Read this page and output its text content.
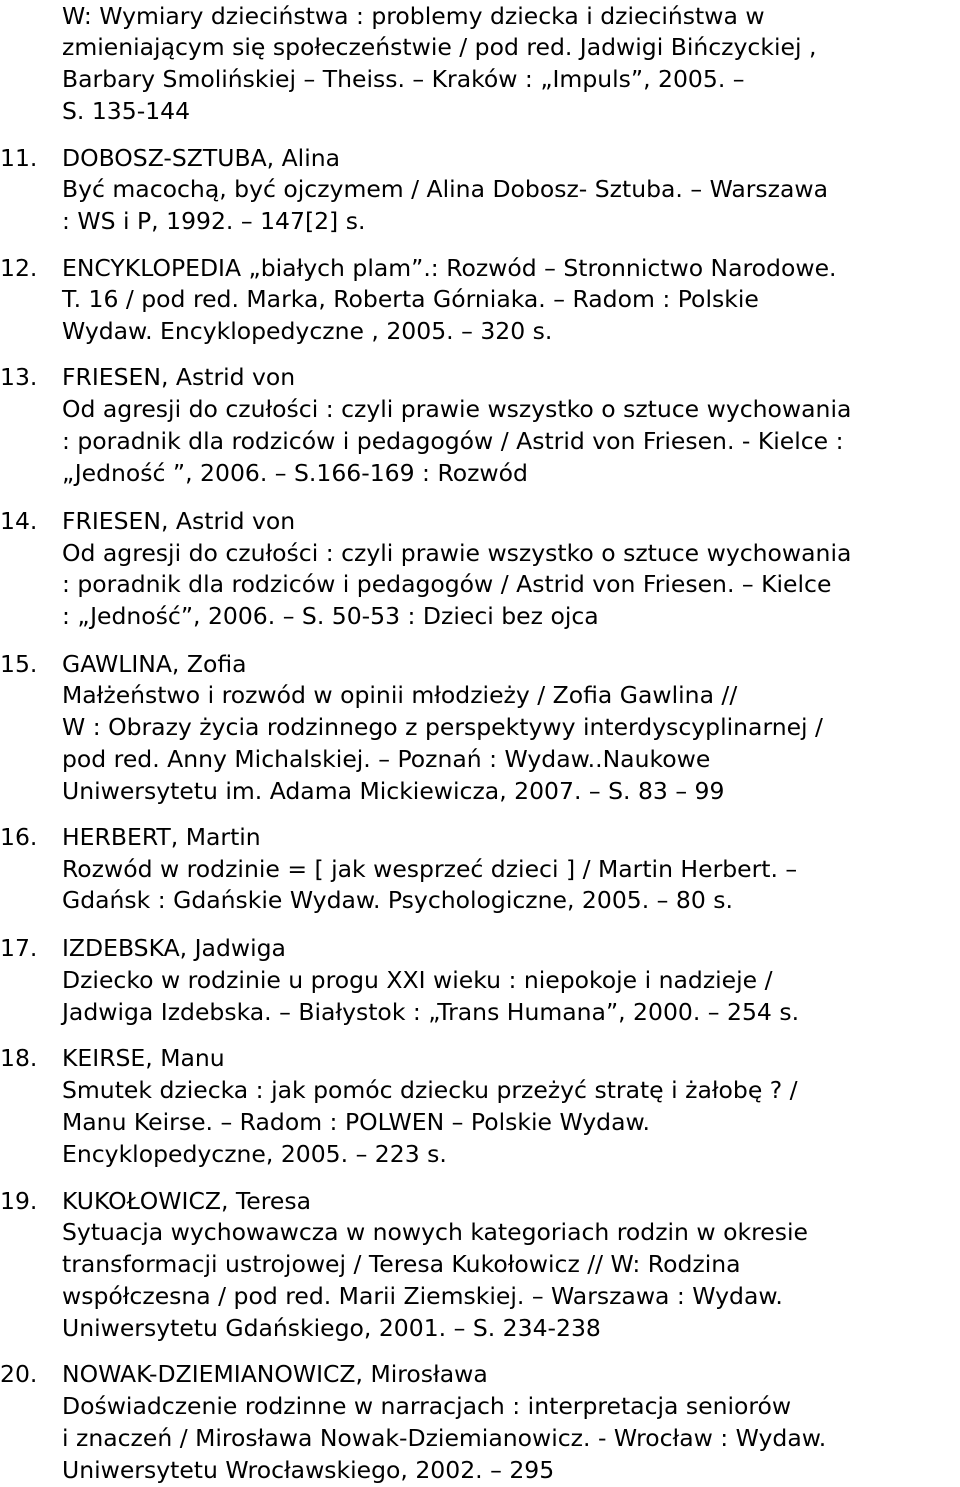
W: Wymiary dzieciństwa : problemy dziecka i dzieciństwa w
zmieniającym się społeczeństwie / pod red. Jadwigi Bińczyckiej ,
Barbary Smolińskiej – Theiss. – Kraków : „Impuls”, 2005. –
S. 135-144
11. DOBOSZ-SZTUBA, Alina
Być macochą, być ojczymem / Alina Dobosz- Sztuba. – Warszawa
: WS i P, 1992. – 147[2] s.
12. ENCYKLOPEDIA „białych plam”.: Rozwód – Stronnictwo Narodowe.
T. 16 / pod red. Marka, Roberta Górniaka. – Radom : Polskie
Wydaw. Encyklopedyczne , 2005. – 320 s.
13. FRIESEN, Astrid von
Od agresji do czułości : czyli prawie wszystko o sztuce wychowania
: poradnik dla rodziców i pedagogów / Astrid von Friesen. - Kielce :
„Jedność ”, 2006. – S.166-169 : Rozwód
14. FRIESEN, Astrid von
Od agresji do czułości : czyli prawie wszystko o sztuce wychowania
: poradnik dla rodziców i pedagogów / Astrid von Friesen. – Kielce
: „Jedność”, 2006. – S. 50-53 : Dzieci bez ojca
15. GAWLINA, Zofia
Małżeństwo i rozwód w opinii młodzieży / Zofia Gawlina //
W : Obrazy życia rodzinnego z perspektywy interdyscyplinarnej /
pod red. Anny Michalskiej. – Poznań : Wydaw..Naukowe
Uniwersytetu im. Adama Mickiewicza, 2007. – S. 83 – 99
16. HERBERT, Martin
Rozwód w rodzinie = [ jak wesprzeć dzieci ] / Martin Herbert. –
Gdańsk : Gdańskie Wydaw. Psychologiczne, 2005. – 80 s.
17. IZDEBSKA, Jadwiga
Dziecko w rodzinie u progu XXI wieku : niepokoje i nadzieje /
Jadwiga Izdebska. – Białystok : „Trans Humana”, 2000. – 254 s.
18. KEIRSE, Manu
Smutek dziecka : jak pomóc dziecku przeżyć stratę i żałobę ? /
Manu Keirse. – Radom : POLWEN – Polskie Wydaw.
Encyklopedyczne, 2005. – 223 s.
19. KUKOŁOWICZ, Teresa
Sytuacja wychowawcza w nowych kategoriach rodzin w okresie
transformacji ustrojowej / Teresa Kukołowicz // W: Rodzina
współczesna / pod red. Marii Ziemskiej. – Warszawa : Wydaw.
Uniwersytetu Gdańskiego, 2001. – S. 234-238
20. NOWAK-DZIEMIANOWICZ, Mirosława
Doświadczenie rodzinne w narracjach : interpretacja seniorów
i znaczeń / Mirosława Nowak-Dziemianowicz. - Wrocław : Wydaw.
Uniwersytetu Wrocławskiego, 2002. – 295
